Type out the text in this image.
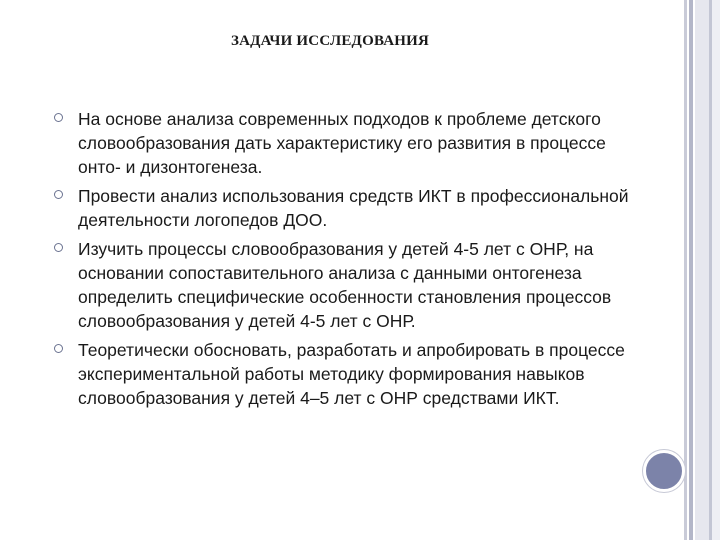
ЗАДАЧИ ИССЛЕДОВАНИЯ
На основе анализа современных подходов к проблеме детского словообразования дать характеристику его развития в процессе онто- и дизонтогенеза.
Провести анализ использования средств ИКТ в профессиональной деятельности логопедов ДОО.
Изучить процессы словообразования у детей 4-5 лет с ОНР, на основании сопоставительного анализа с данными онтогенеза определить специфические особенности становления процессов словообразования у детей 4-5 лет с ОНР.
Теоретически обосновать, разработать и апробировать в процессе экспериментальной работы методику формирования навыков словообразования у детей 4–5 лет с ОНР средствами ИКТ.
